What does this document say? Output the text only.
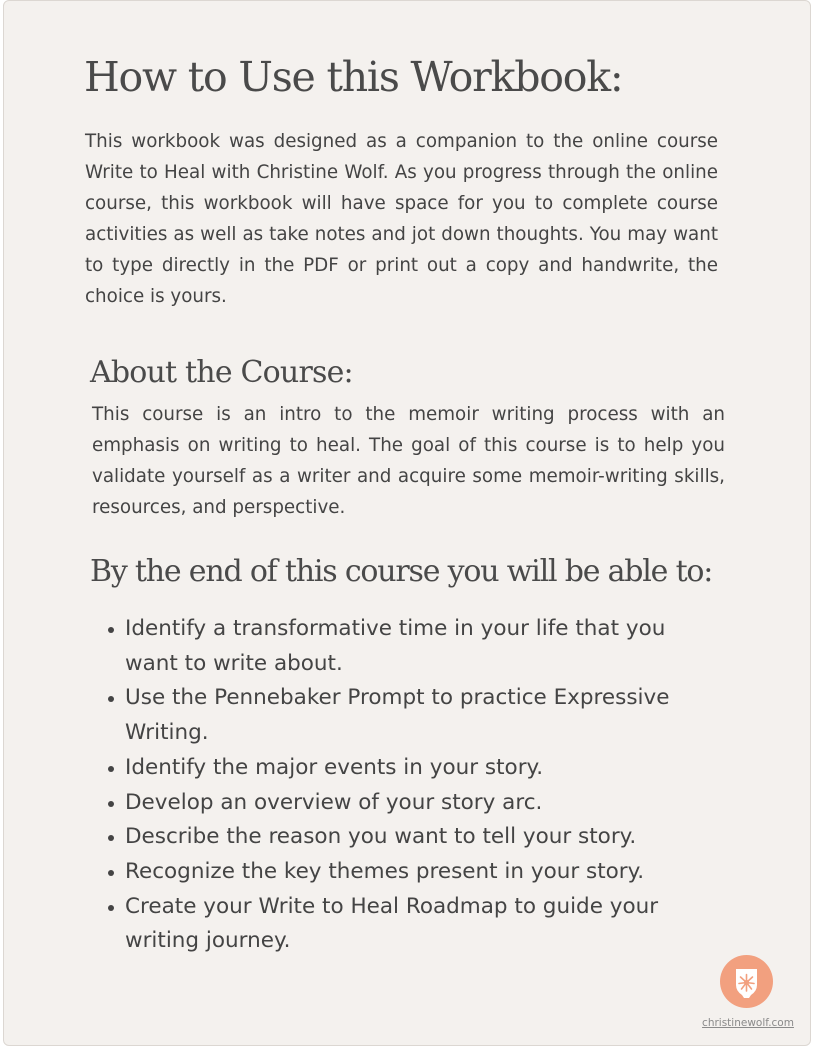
How to Use this Workbook:

This workbook was designed as a companion to the online course Write to Heal with Christine Wolf. As you progress through the online course, this workbook will have space for you to complete course activities as well as take notes and jot down thoughts. You may want to type directly in the PDF or print out a copy and handwrite, the choice is yours.

About the Course:

This course is an intro to the memoir writing process with an emphasis on writing to heal. The goal of this course is to help you validate yourself as a writer and acquire some memoir-writing skills, resources, and perspective.

By the end of this course you will be able to:
Identify a transformative time in your life that you want to write about.
Use the Pennebaker Prompt to practice Expressive Writing.
Identify the major events in your story.
Develop an overview of your story arc.
Describe the reason you want to tell your story.
Recognize the key themes present in your story.
Create your Write to Heal Roadmap to guide your writing journey.
christinewolf.com
